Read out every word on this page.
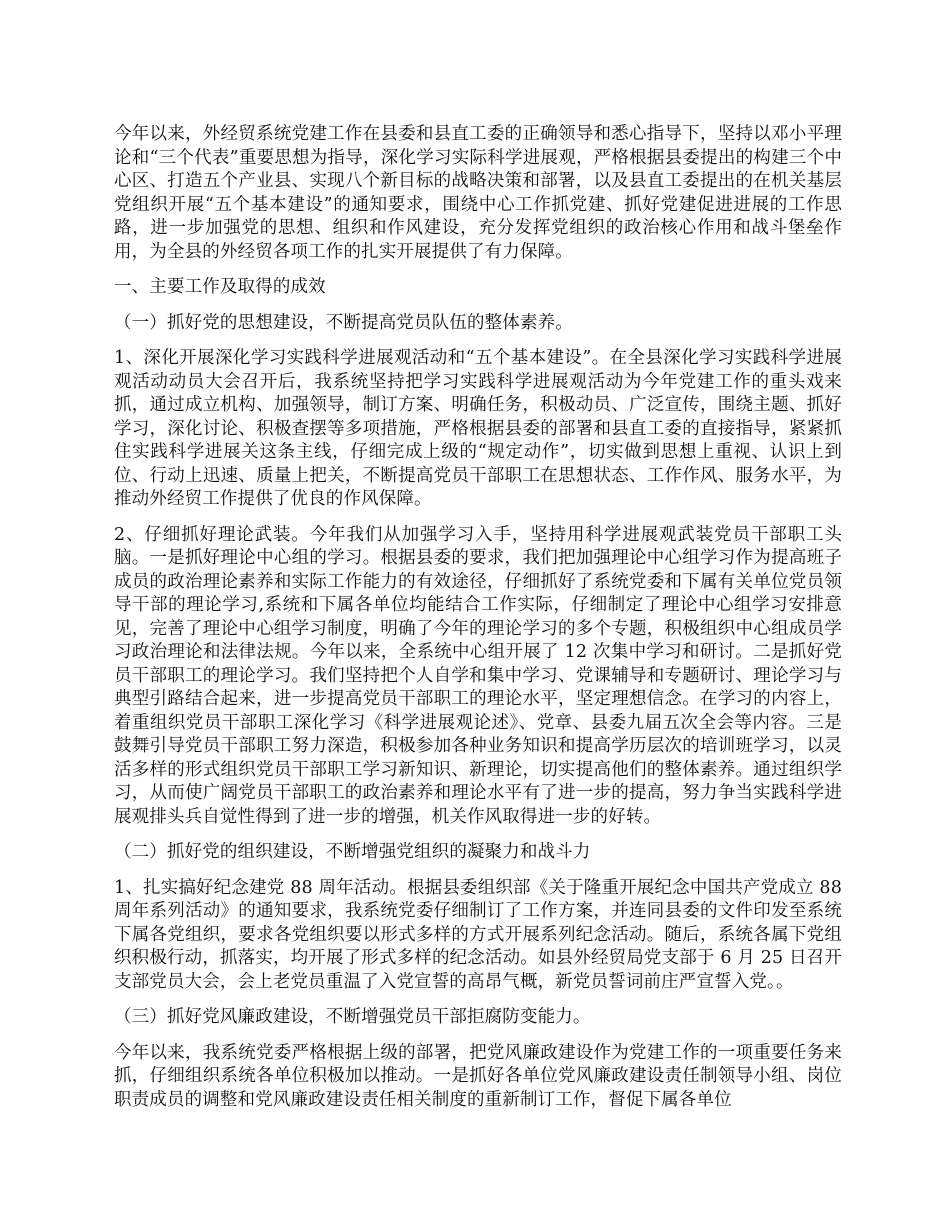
今年以来，外经贸系统党建工作在县委和县直工委的正确领导和悉心指导下，坚持以邓小平理论和“三个代表”重要思想为指导，深化学习实际科学进展观，严格根据县委提出的构建三个中心区、打造五个产业县、实现八个新目标的战略决策和部署，以及县直工委提出的在机关基层党组织开展“五个基本建设”的通知要求，围绕中心工作抓党建、抓好党建促进进展的工作思路，进一步加强党的思想、组织和作风建设，充分发挥党组织的政治核心作用和战斗堡垒作用，为全县的外经贸各项工作的扎实开展提供了有力保障。

一、主要工作及取得的成效

（一）抓好党的思想建设，不断提高党员队伍的整体素养。

1、深化开展深化学习实践科学进展观活动和“五个基本建设”。在全县深化学习实践科学进展观活动动员大会召开后，我系统坚持把学习实践科学进展观活动为今年党建工作的重头戏来抓，通过成立机构、加强领导，制订方案、明确任务，积极动员、广泛宣传，围绕主题、抓好学习，深化讨论、积极查摆等多项措施，严格根据县委的部署和县直工委的直接指导，紧紧抓住实践科学进展关这条主线，仔细完成上级的“规定动作”，切实做到思想上重视、认识上到位、行动上迅速、质量上把关，不断提高党员干部职工在思想状态、工作作风、服务水平，为推动外经贸工作提供了优良的作风保障。

2、仔细抓好理论武装。今年我们从加强学习入手，坚持用科学进展观武装党员干部职工头脑。一是抓好理论中心组的学习。根据县委的要求，我们把加强理论中心组学习作为提高班子成员的政治理论素养和实际工作能力的有效途径，仔细抓好了系统党委和下属有关单位党员领导干部的理论学习,系统和下属各单位均能结合工作实际，仔细制定了理论中心组学习安排意见，完善了理论中心组学习制度，明确了今年的理论学习的多个专题，积极组织中心组成员学习政治理论和法律法规。今年以来，全系统中心组开展了 12 次集中学习和研讨。二是抓好党员干部职工的理论学习。我们坚持把个人自学和集中学习、党课辅导和专题研讨、理论学习与典型引路结合起来，进一步提高党员干部职工的理论水平，坚定理想信念。在学习的内容上，着重组织党员干部职工深化学习《科学进展观论述》、党章、县委九届五次全会等内容。三是鼓舞引导党员干部职工努力深造，积极参加各种业务知识和提高学历层次的培训班学习，以灵活多样的形式组织党员干部职工学习新知识、新理论，切实提高他们的整体素养。通过组织学习，从而使广阔党员干部职工的政治素养和理论水平有了进一步的提高，努力争当实践科学进展观排头兵自觉性得到了进一步的增强，机关作风取得进一步的好转。

（二）抓好党的组织建设，不断增强党组织的凝聚力和战斗力

1、扎实搞好纪念建党 88 周年活动。根据县委组织部《关于隆重开展纪念中国共产党成立 88 周年系列活动》的通知要求，我系统党委仔细制订了工作方案，并连同县委的文件印发至系统下属各党组织，要求各党组织要以形式多样的方式开展系列纪念活动。随后，系统各属下党组织积极行动，抓落实，均开展了形式多样的纪念活动。如县外经贸局党支部于 6 月 25 日召开支部党员大会，会上老党员重温了入党宣誓的高昂气概，新党员誓词前庄严宣誓入党。。

（三）抓好党风廉政建设，不断增强党员干部拒腐防变能力。

今年以来，我系统党委严格根据上级的部署，把党风廉政建设作为党建工作的一项重要任务来抓，仔细组织系统各单位积极加以推动。一是抓好各单位党风廉政建设责任制领导小组、岗位职责成员的调整和党风廉政建设责任相关制度的重新制订工作，督促下属各单位
